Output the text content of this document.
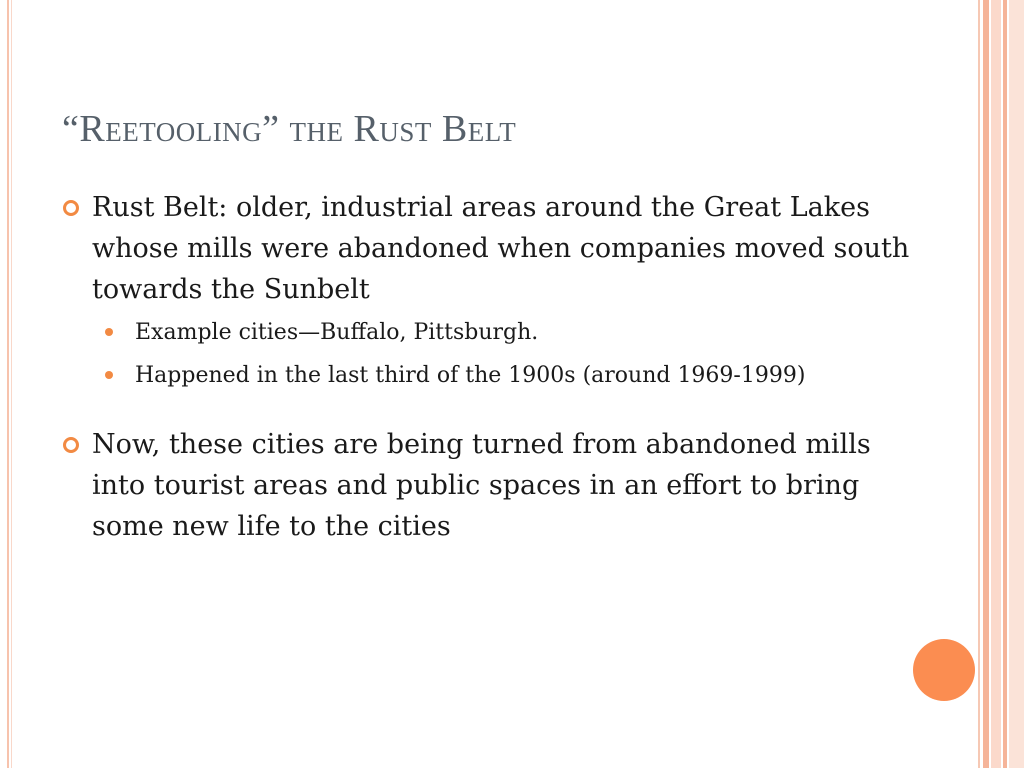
“Reetooling” the Rust Belt
Rust Belt: older, industrial areas around the Great Lakes whose mills were abandoned when companies moved south towards the Sunbelt
Example cities—Buffalo, Pittsburgh.
Happened in the last third of the 1900s (around 1969-1999)
Now, these cities are being turned from abandoned mills into tourist areas and public spaces in an effort to bring some new life to the cities
